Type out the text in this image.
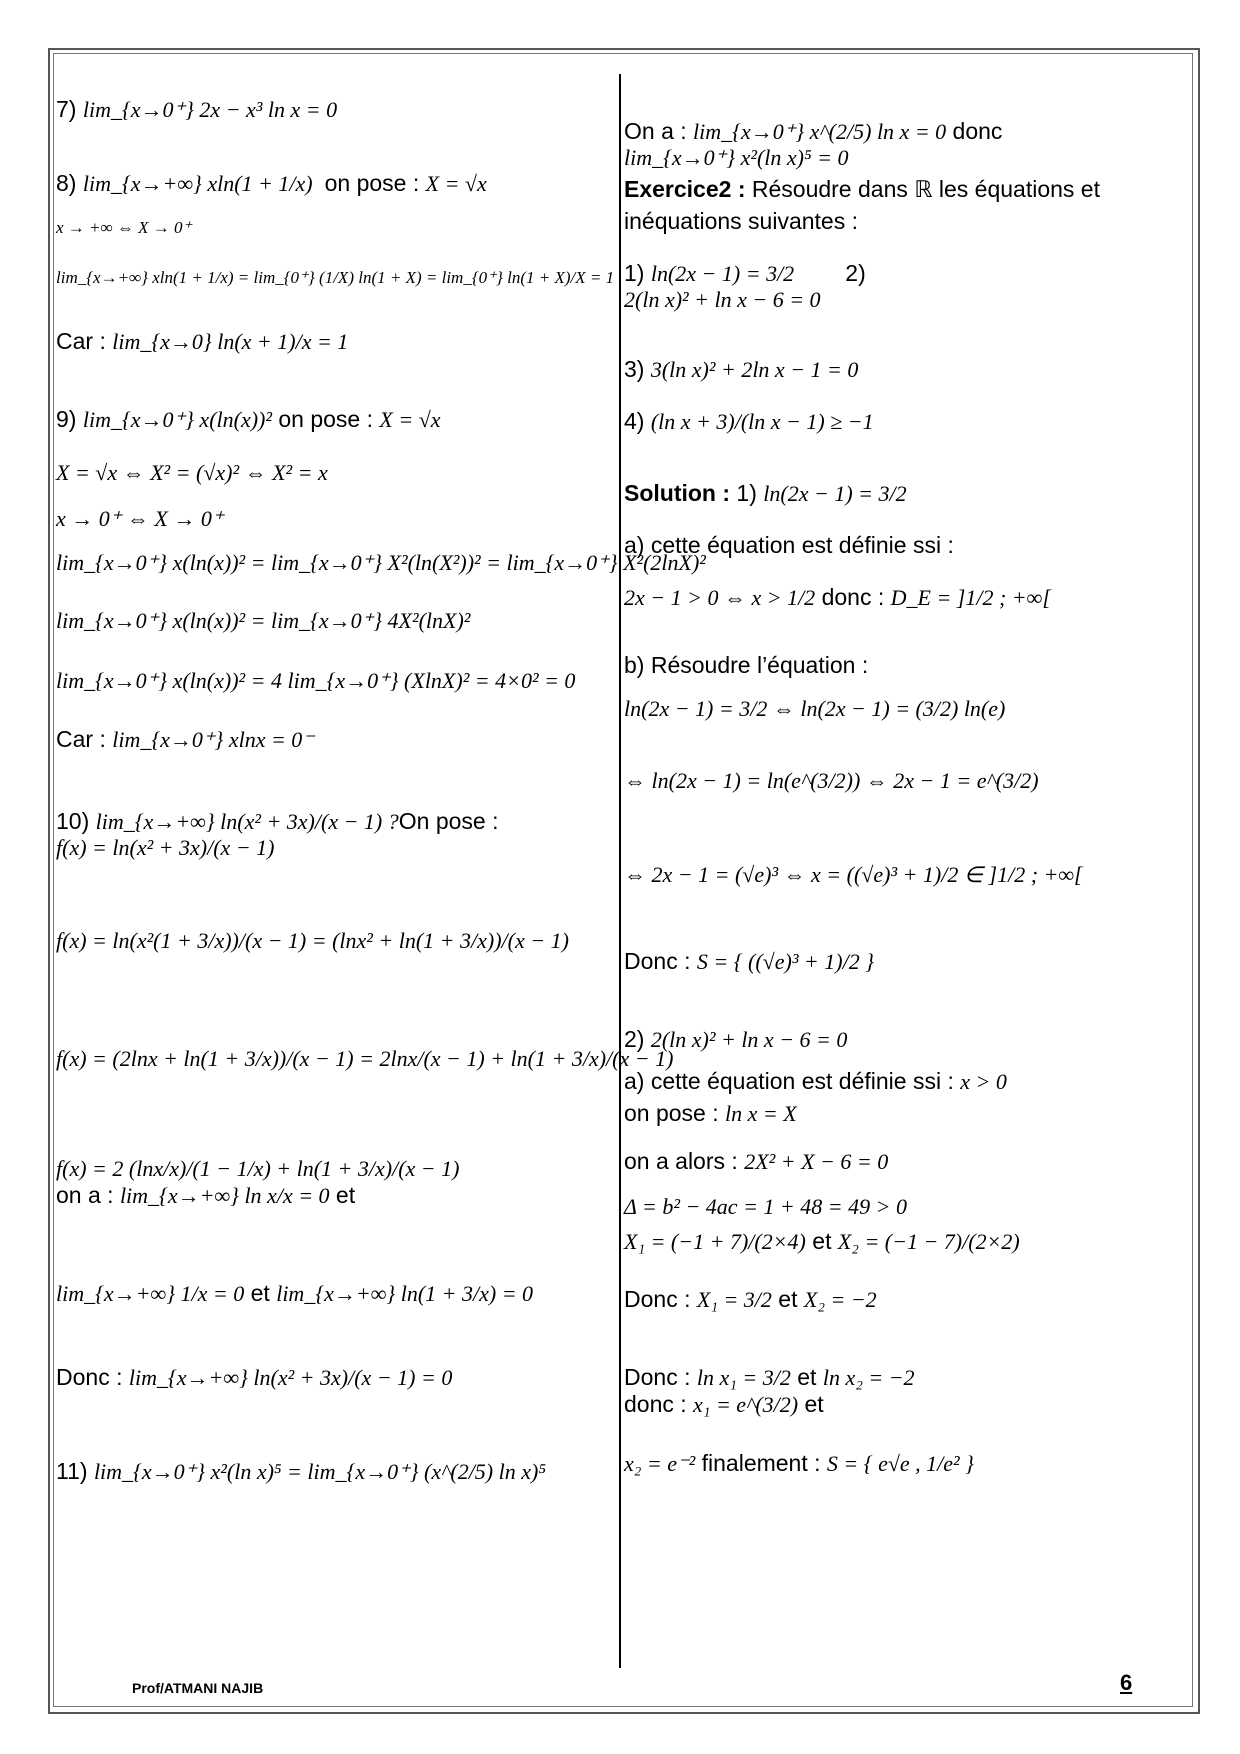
7) lim_{x→0⁺} 2x − x³ ln x = 0
8) lim_{x→+∞} xln(1 + 1/x) on pose : X = √x
x → +∞ ⇔ X → 0⁺
lim_{x→+∞} xln(1 + 1/x) = lim_{0⁺} (1/X) ln(1 + X) = lim_{0⁺} ln(1 + X)/X = 1
Car : lim_{x→0} ln(x + 1)/x = 1
9) lim_{x→0⁺} x(ln(x))² on pose : X = √x
X = √x ⇔ X² = (√x)² ⇔ X² = x
x → 0⁺ ⇔ X → 0⁺
lim_{x→0⁺} x(ln(x))² = lim_{x→0⁺} X²(ln(X²))² = lim_{x→0⁺} X²(2lnX)²
lim_{x→0⁺} x(ln(x))² = lim_{x→0⁺} 4X²(lnX)²
lim_{x→0⁺} x(ln(x))² = 4 lim_{x→0⁺} (XlnX)² = 4×0² = 0
Car : lim_{x→0⁺} xlnx = 0⁻
10) lim_{x→+∞} ln(x² + 3x)/(x − 1) ?On pose :
f(x) = ln(x² + 3x)/(x − 1)
f(x) = ln(x²(1 + 3/x))/(x − 1) = (lnx² + ln(1 + 3/x))/(x − 1)
f(x) = (2lnx + ln(1 + 3/x))/(x − 1) = 2lnx/(x − 1) + ln(1 + 3/x)/(x − 1)
f(x) = 2 (lnx/x)/(1 − 1/x) + ln(1 + 3/x)/(x − 1)
on a : lim_{x→+∞} ln x/x = 0 et
lim_{x→+∞} 1/x = 0 et lim_{x→+∞} ln(1 + 3/x) = 0
Donc : lim_{x→+∞} ln(x² + 3x)/(x − 1) = 0
11) lim_{x→0⁺} x²(ln x)⁵ = lim_{x→0⁺} (x^(2/5) ln x)⁵
On a : lim_{x→0⁺} x^(2/5) ln x = 0 donc
lim_{x→0⁺} x²(ln x)⁵ = 0
Exercice2 : Résoudre dans ℝ les équations et
inéquations suivantes :
1) ln(2x − 1) = 3/2        2)
2(ln x)² + ln x − 6 = 0
3) 3(ln x)² + 2ln x − 1 = 0
4) (ln x + 3)/(ln x − 1) ≥ −1
Solution : 1) ln(2x − 1) = 3/2
a) cette équation est définie ssi :
2x − 1 > 0 ⇔ x > 1/2 donc : D_E = ]1/2 ; +∞[
b) Résoudre l’équation :
ln(2x − 1) = 3/2 ⇔ ln(2x − 1) = (3/2) ln(e)
⇔ ln(2x − 1) = ln(e^(3/2)) ⇔ 2x − 1 = e^(3/2)
⇔ 2x − 1 = (√e)³ ⇔ x = ((√e)³ + 1)/2 ∈ ]1/2 ; +∞[
Donc : S = { ((√e)³ + 1)/2 }
2) 2(ln x)² + ln x − 6 = 0
a) cette équation est définie ssi : x > 0
on pose : ln x = X
on a alors : 2X² + X − 6 = 0
Δ = b² − 4ac = 1 + 48 = 49 > 0
X₁ = (−1 + 7)/(2×4) et X₂ = (−1 − 7)/(2×2)
Donc : X₁ = 3/2 et X₂ = −2
Donc : ln x₁ = 3/2 et ln x₂ = −2
donc : x₁ = e^(3/2) et
x₂ = e⁻² finalement : S = { e√e , 1/e² }
Prof/ATMANI NAJIB	6
